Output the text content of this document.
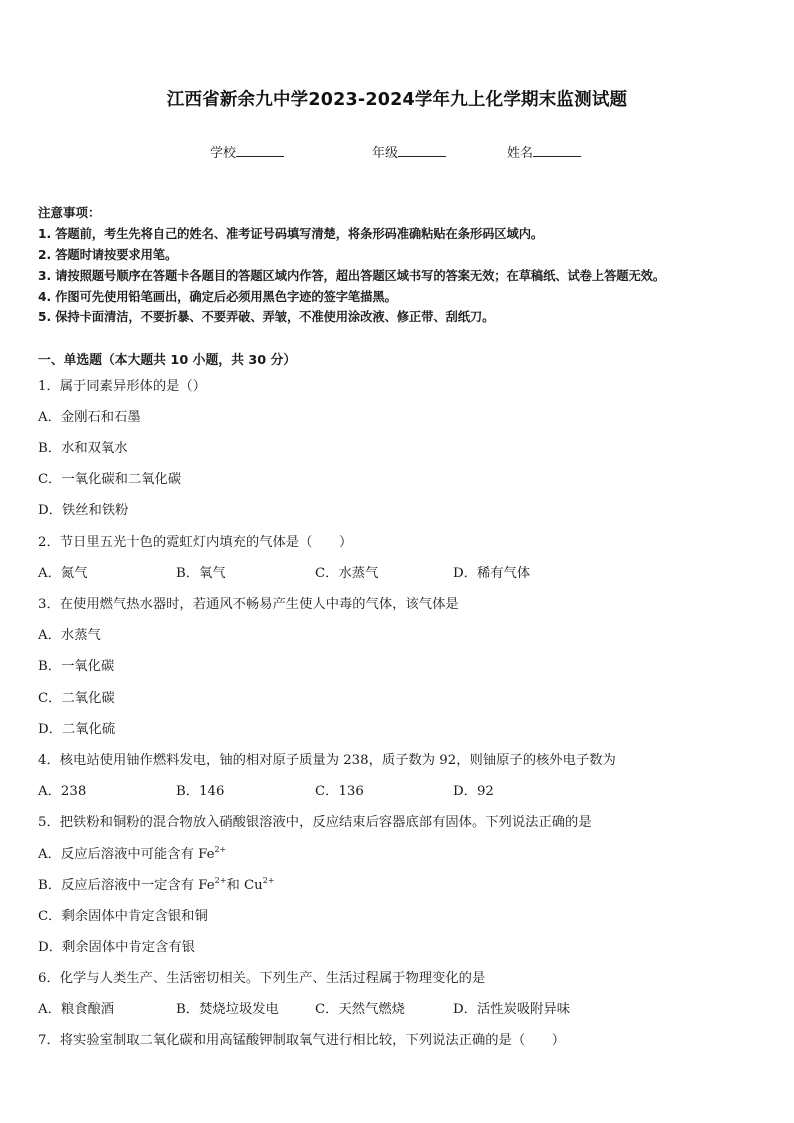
江西省新余九中学2023-2024学年九上化学期末监测试题
学校	年级	姓名
注意事项：
1. 答题前，考生先将自己的姓名、准考证号码填写清楚，将条形码准确粘贴在条形码区域内。
2. 答题时请按要求用笔。
3. 请按照题号顺序在答题卡各题目的答题区域内作答，超出答题区域书写的答案无效；在草稿纸、试卷上答题无效。
4. 作图可先使用铅笔画出，确定后必须用黑色字迹的签字笔描黑。
5. 保持卡面清洁，不要折暴、不要弄破、弄皱，不准使用涂改液、修正带、刮纸刀。
一、单选题（本大题共 10 小题，共 30 分）
1．属于同素异形体的是（）
A．金刚石和石墨
B．水和双氧水
C．一氧化碳和二氧化碳
D．铁丝和铁粉
2．节日里五光十色的霓虹灯内填充的气体是（　　）
A．氮气	B．氧气	C．水蒸气	D．稀有气体
3．在使用燃气热水器时，若通风不畅易产生使人中毒的气体，该气体是
A．水蒸气
B．一氧化碳
C．二氧化碳
D．二氧化硫
4．核电站使用铀作燃料发电，铀的相对原子质量为 238，质子数为 92，则铀原子的核外电子数为
A．238	B．146	C．136	D．92
5．把铁粉和铜粉的混合物放入硝酸银溶液中，反应结束后容器底部有固体。下列说法正确的是
A．反应后溶液中可能含有 $Fe^{2+}$
B．反应后溶液中一定含有 $Fe^{2+}$和 $Cu^{2+}$
C．剩余固体中肯定含银和铜
D．剩余固体中肯定含有银
6．化学与人类生产、生活密切相关。下列生产、生活过程属于物理变化的是
A．粮食酿酒	B．焚烧垃圾发电	C．天然气燃烧	D．活性炭吸附异味
7．将实验室制取二氧化碳和用高锰酸钾制取氧气进行相比较，下列说法正确的是（　　）
